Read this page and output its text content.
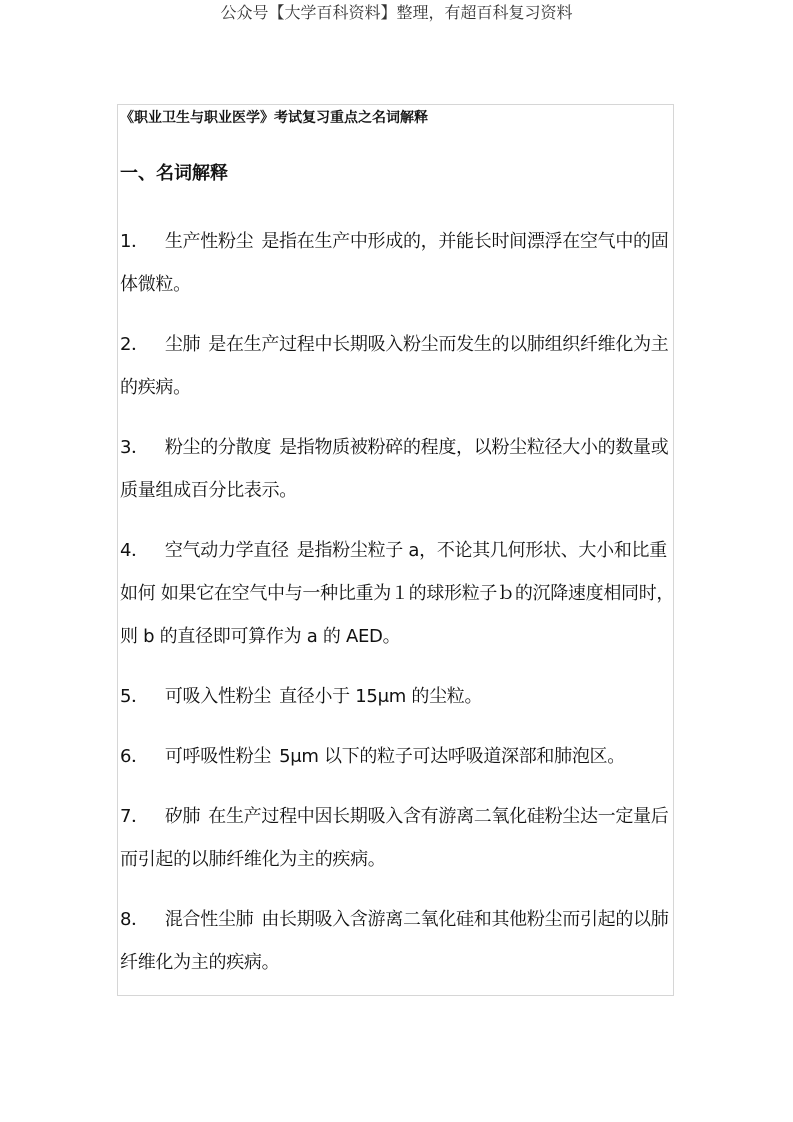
公众号【大学百科资料】整理，有超百科复习资料
《职业卫生与职业医学》考试复习重点之名词解释
一、名词解释
1． 生产性粉尘 是指在生产中形成的，并能长时间漂浮在空气中的固体微粒。
2． 尘肺 是在生产过程中长期吸入粉尘而发生的以肺组织纤维化为主的疾病。
3． 粉尘的分散度 是指物质被粉碎的程度，以粉尘粒径大小的数量或质量组成百分比表示。
4． 空气动力学直径 是指粉尘粒子 a，不论其几何形状、大小和比重如何 如果它在空气中与一种比重为１的球形粒子ｂ的沉降速度相同时，则 b 的直径即可算作为 a 的 AED。
5． 可吸入性粉尘 直径小于 15μm 的尘粒。
6． 可呼吸性粉尘 5μm 以下的粒子可达呼吸道深部和肺泡区。
7． 矽肺 在生产过程中因长期吸入含有游离二氧化硅粉尘达一定量后而引起的以肺纤维化为主的疾病。
8． 混合性尘肺 由长期吸入含游离二氧化硅和其他粉尘而引起的以肺纤维化为主的疾病。
